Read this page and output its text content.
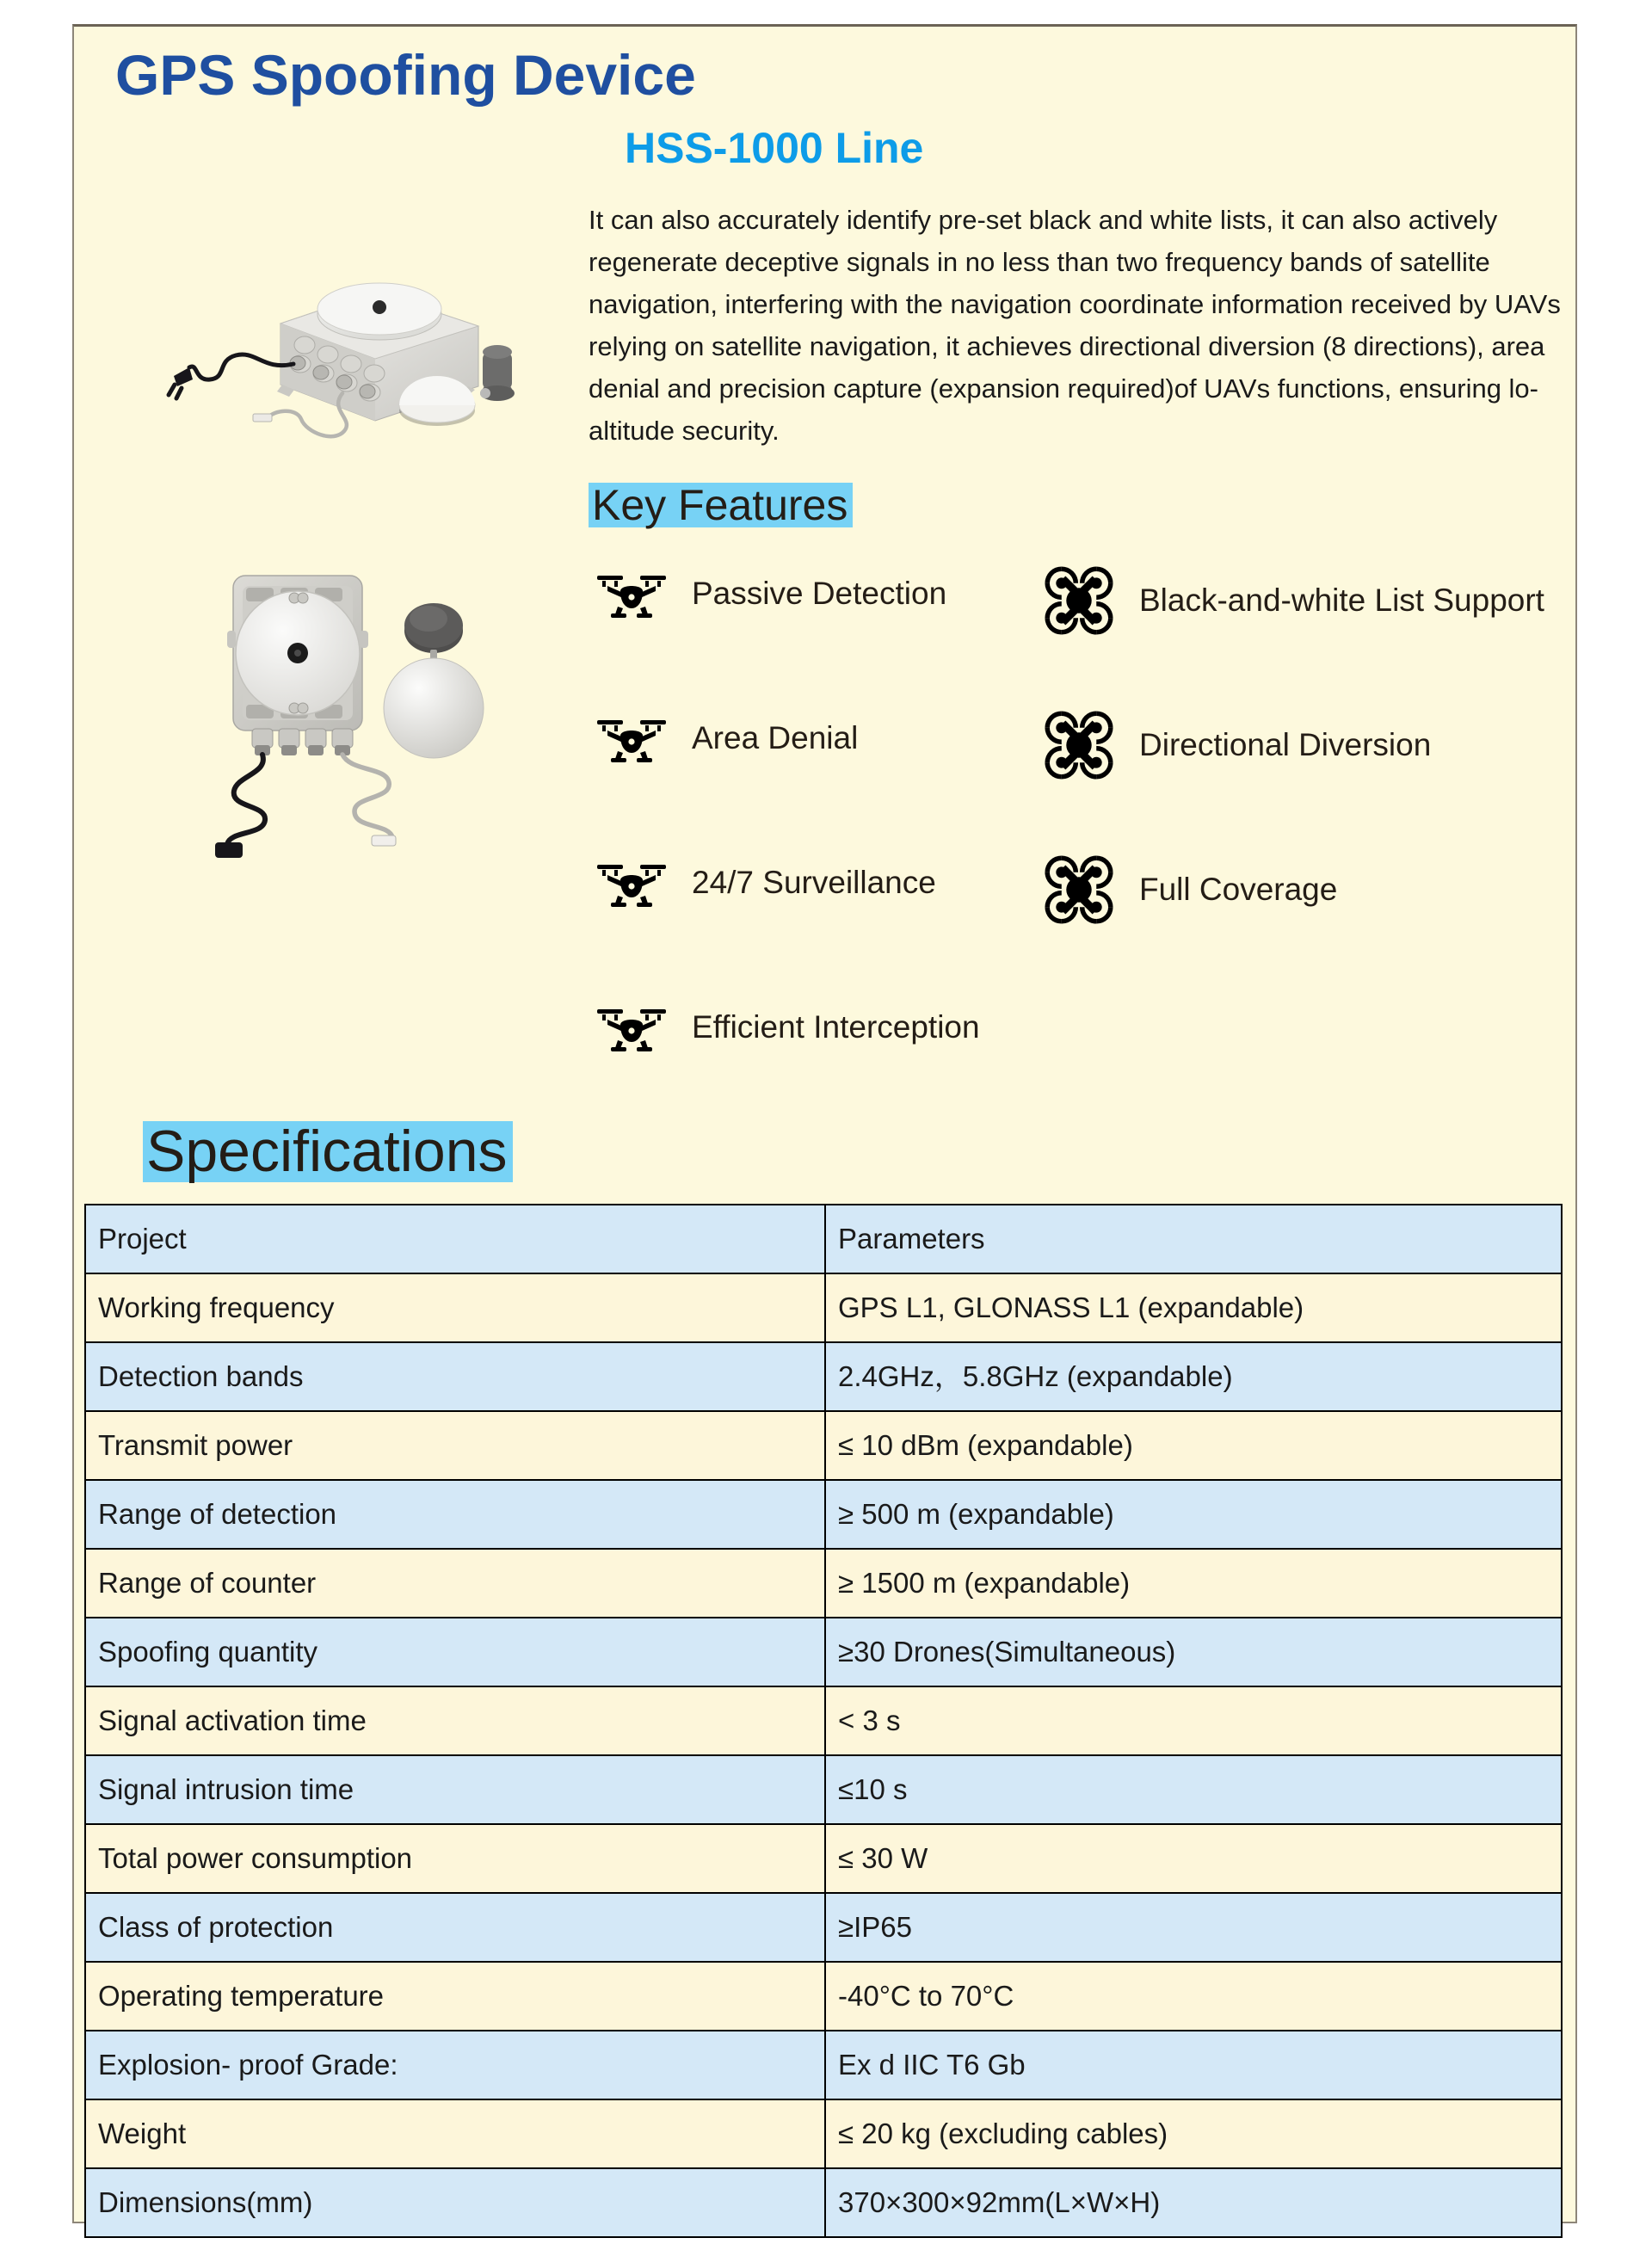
GPS Spoofing Device
HSS-1000 Line
It can also accurately identify pre-set black and white lists, it can also actively regenerate deceptive signals in no less than two frequency bands of satellite navigation, interfering with the navigation coordinate information received by UAVs relying on satellite navigation, it achieves directional diversion (8 directions), area denial and precision capture (expansion required)of UAVs functions, ensuring lo-altitude security.
Key Features
Passive Detection
Area Denial
24/7 Surveillance
Efficient Interception
Black-and-white List Support
Directional Diversion
Full Coverage
Specifications
Project	Parameters
Working frequency	GPS L1, GLONASS L1 (expandable)
Detection bands	2.4GHz，5.8GHz (expandable)
Transmit power	≤ 10 dBm (expandable)
Range of detection	≥ 500 m (expandable)
Range of counter	≥ 1500 m (expandable)
Spoofing quantity	≥30 Drones(Simultaneous)
Signal activation time	< 3 s
Signal intrusion time	≤10 s
Total power consumption	≤ 30 W
Class of protection	≥IP65
Operating temperature	-40°C to 70°C
Explosion- proof Grade:	Ex d IIC T6 Gb
Weight	≤ 20 kg (excluding cables)
Dimensions(mm)	370×300×92mm(L×W×H)
